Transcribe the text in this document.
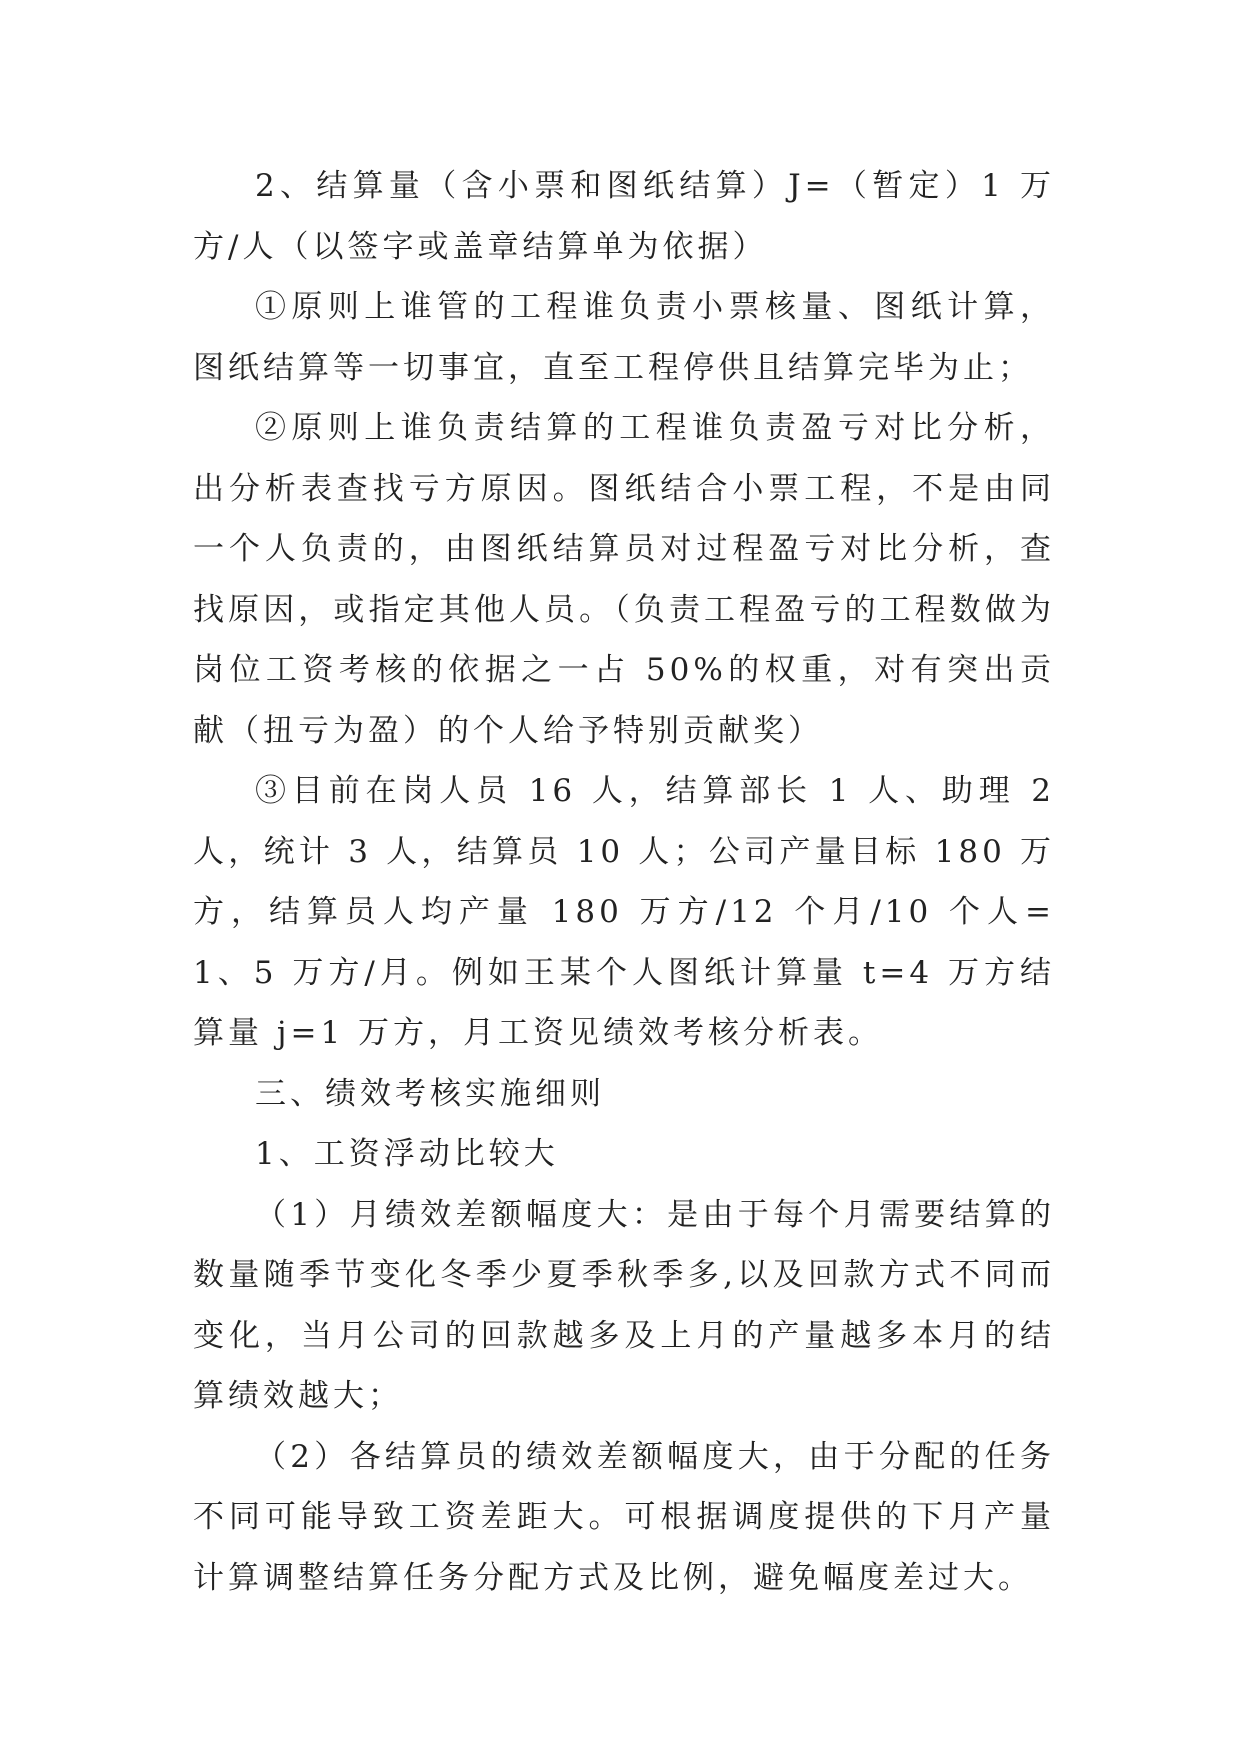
2、结算量（含小票和图纸结算）J=（暂定）1 万方/人（以签字或盖章结算单为依据）

①原则上谁管的工程谁负责小票核量、图纸计算，图纸结算等一切事宜，直至工程停供且结算完毕为止；

②原则上谁负责结算的工程谁负责盈亏对比分析，出分析表查找亏方原因。图纸结合小票工程，不是由同一个人负责的，由图纸结算员对过程盈亏对比分析，查找原因，或指定其他人员。（负责工程盈亏的工程数做为岗位工资考核的依据之一占 50%的权重，对有突出贡献（扭亏为盈）的个人给予特别贡献奖）

③目前在岗人员 16 人，结算部长 1 人、助理 2 人，统计 3 人，结算员 10 人；公司产量目标 180 万方，结算员人均产量 180 万方/12 个月/10 个人=1、5 万方/月。例如王某个人图纸计算量 t=4 万方结算量 j=1 万方，月工资见绩效考核分析表。

三、绩效考核实施细则

1、工资浮动比较大

（1）月绩效差额幅度大：是由于每个月需要结算的数量随季节变化冬季少夏季秋季多,以及回款方式不同而变化，当月公司的回款越多及上月的产量越多本月的结算绩效越大；

（2）各结算员的绩效差额幅度大，由于分配的任务不同可能导致工资差距大。可根据调度提供的下月产量计算调整结算任务分配方式及比例，避免幅度差过大。
